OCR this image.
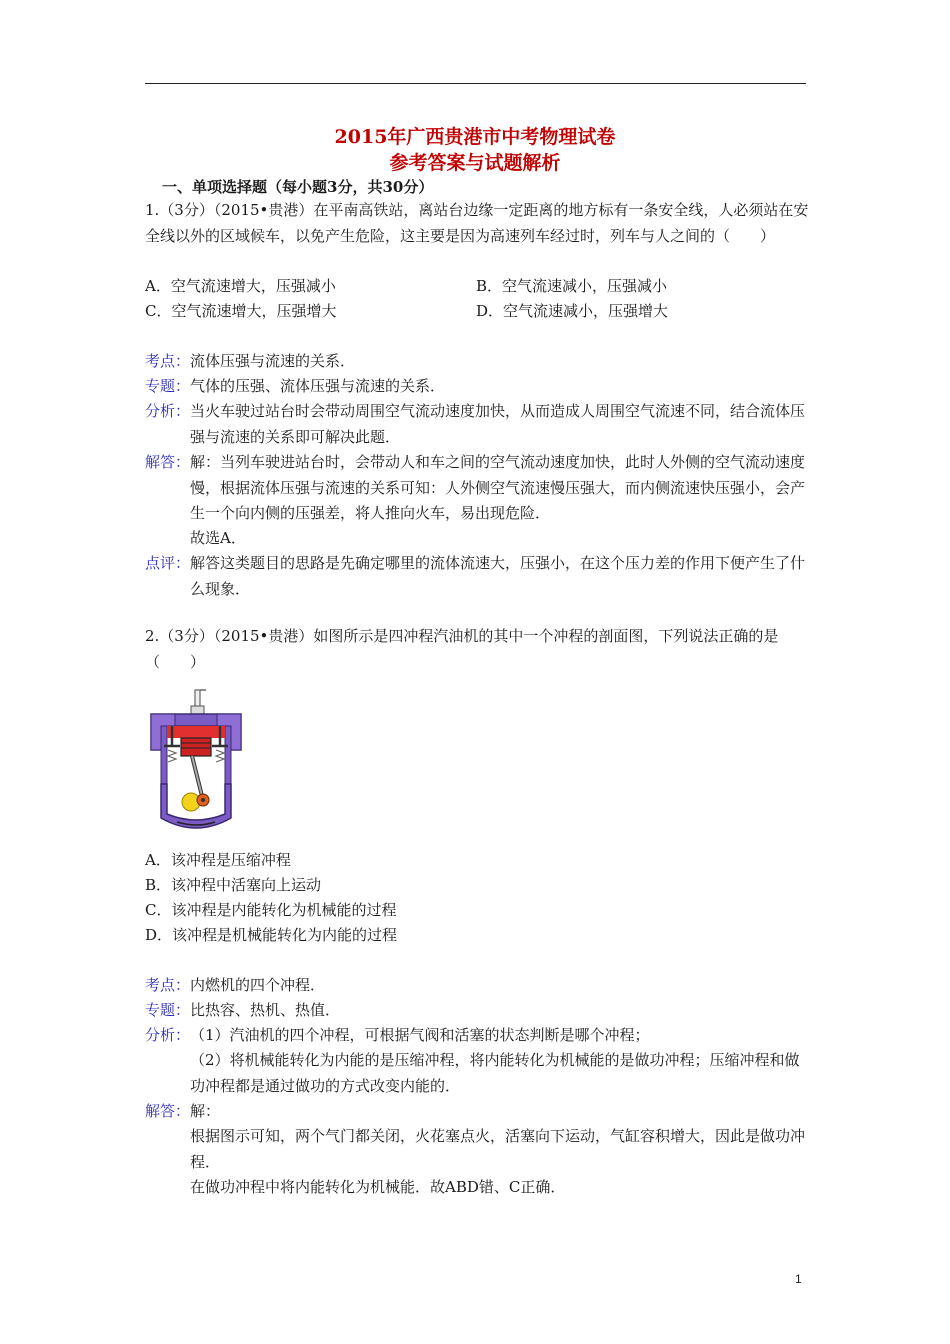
2015年广西贵港市中考物理试卷
参考答案与试题解析
一、单项选择题（每小题3分，共30分）
1.（3分）（2015•贵港）在平南高铁站，离站台边缘一定距离的地方标有一条安全线，人必须站在安全线以外的区域候车，以免产生危险，这主要是因为高速列车经过时，列车与人之间的（　　）
A．空气流速增大，压强减小	B．空气流速减小，压强减小
C．空气流速增大，压强增大	D．空气流速减小，压强增大
考点： 流体压强与流速的关系．
专题： 气体的压强、流体压强与流速的关系．
分析： 当火车驶过站台时会带动周围空气流动速度加快，从而造成人周围空气流速不同，结合流体压强与流速的关系即可解决此题．
解答： 解：当列车驶进站台时，会带动人和车之间的空气流动速度加快，此时人外侧的空气流动速度慢，根据流体压强与流速的关系可知：人外侧空气流速慢压强大，而内侧流速快压强小，会产生一个向内侧的压强差，将人推向火车，易出现危险．
故选A．
点评： 解答这类题目的思路是先确定哪里的流体流速大，压强小，在这个压力差的作用下便产生了什么现象．
2.（3分）（2015•贵港）如图所示是四冲程汽油机的其中一个冲程的剖面图，下列说法正确的是（　　）
A．该冲程是压缩冲程
B．该冲程中活塞向上运动
C．该冲程是内能转化为机械能的过程
D．该冲程是机械能转化为内能的过程
考点： 内燃机的四个冲程．
专题： 比热容、热机、热值．
分析： （1）汽油机的四个冲程，可根据气阀和活塞的状态判断是哪个冲程；
（2）将机械能转化为内能的是压缩冲程，将内能转化为机械能的是做功冲程；压缩冲程和做功冲程都是通过做功的方式改变内能的．
解答： 解：
根据图示可知，两个气门都关闭，火花塞点火，活塞向下运动，气缸容积增大，因此是做功冲程．
在做功冲程中将内能转化为机械能．故ABD错、C正确．
1
